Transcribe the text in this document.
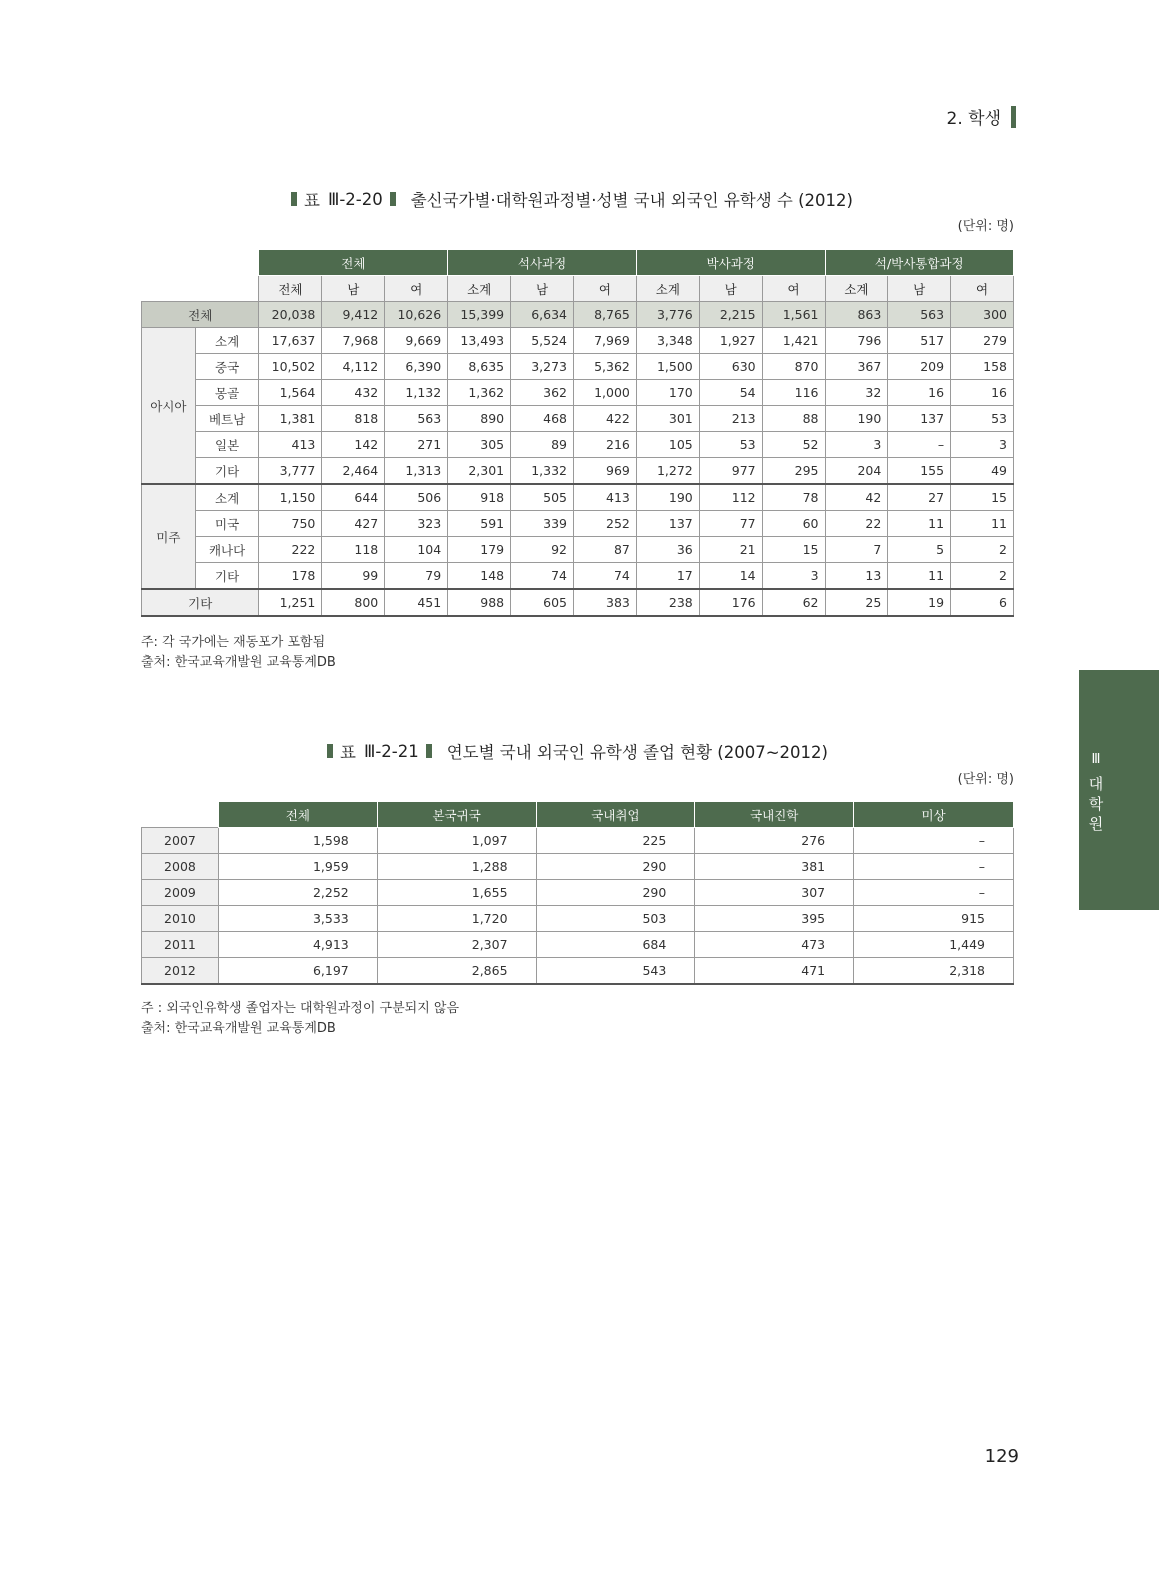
2. 학생
표 Ⅲ-2-20 출신국가별·대학원과정별·성별 국내 외국인 유학생 수 (2012)
(단위: 명)
		전체			석사과정			박사과정			석/박사통합과정		
		전체	남	여	소계	남	여	소계	남	여	소계	남	여
전체		20,038	9,412	10,626	15,399	6,634	8,765	3,776	2,215	1,561	863	563	300
아시아	소계	17,637	7,968	9,669	13,493	5,524	7,969	3,348	1,927	1,421	796	517	279
	중국	10,502	4,112	6,390	8,635	3,273	5,362	1,500	630	870	367	209	158
	몽골	1,564	432	1,132	1,362	362	1,000	170	54	116	32	16	16
	베트남	1,381	818	563	890	468	422	301	213	88	190	137	53
	일본	413	142	271	305	89	216	105	53	52	3	–	3
	기타	3,777	2,464	1,313	2,301	1,332	969	1,272	977	295	204	155	49
미주	소계	1,150	644	506	918	505	413	190	112	78	42	27	15
	미국	750	427	323	591	339	252	137	77	60	22	11	11
	캐나다	222	118	104	179	92	87	36	21	15	7	5	2
	기타	178	99	79	148	74	74	17	14	3	13	11	2
기타		1,251	800	451	988	605	383	238	176	62	25	19	6
주: 각 국가에는 재동포가 포함됨
출처: 한국교육개발원 교육통계DB
표 Ⅲ-2-21 연도별 국내 외국인 유학생 졸업 현황 (2007~2012)
(단위: 명)
	전체	본국귀국	국내취업	국내진학	미상
2007	1,598	1,097	225	276	–
2008	1,959	1,288	290	381	–
2009	2,252	1,655	290	307	–
2010	3,533	1,720	503	395	915
2011	4,913	2,307	684	473	1,449
2012	6,197	2,865	543	471	2,318
주 : 외국인유학생 졸업자는 대학원과정이 구분되지 않음
출처: 한국교육개발원 교육통계DB
Ⅲ
대
학
원
129
